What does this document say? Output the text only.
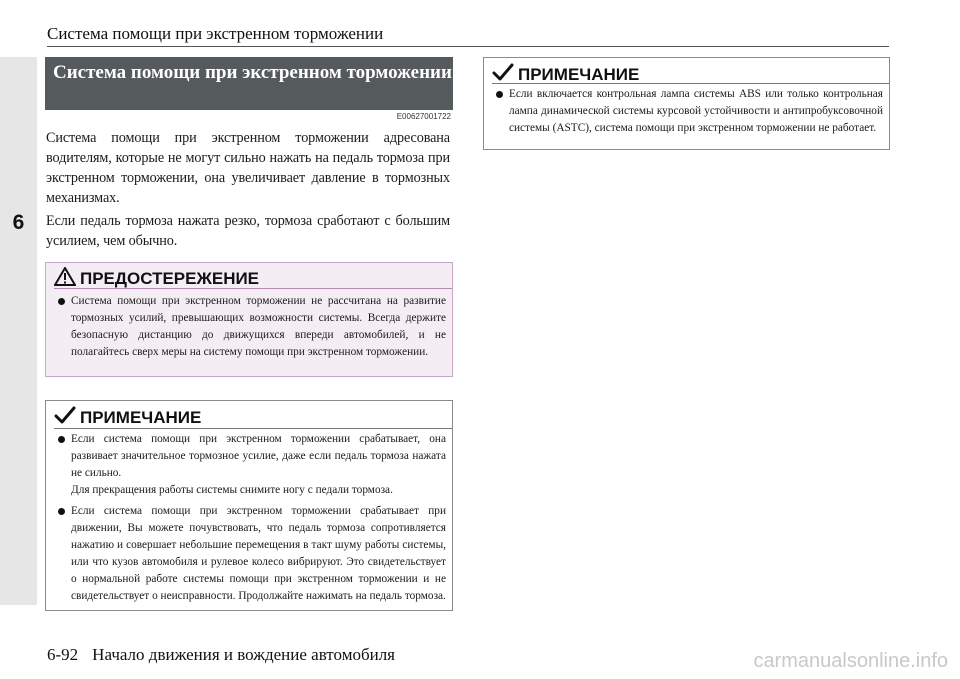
6
Система помощи при экстренном торможении
Система помощи при экстренном торможении
E00627001722

Система помощи при экстренном торможении адресована водителям, которые не могут сильно нажать на педаль тормоза при экстренном торможении, она увеличивает давление в тормозных механизмах.

Если педаль тормоза нажата резко, тормоза сработают с большим усилием, чем обычно.

ПРЕДОСТЕРЕЖЕНИЕ
Система помощи при экстренном торможении не рассчитана на развитие тормозных усилий, превышающих возможности системы. Всегда держите безопасную дистанцию до движущихся впереди автомобилей, и не полагайтесь сверх меры на систему помощи при экстренном торможении.
ПРИМЕЧАНИЕ
Если система помощи при экстренном торможении срабатывает, она развивает значительное тормозное усилие, даже если педаль тормоза нажата не сильно.
Для прекращения работы системы снимите ногу с педали тормоза.
Если система помощи при экстренном торможении срабатывает при движении, Вы можете почувствовать, что педаль тормоза сопротивляется нажатию и совершает небольшие перемещения в такт шуму работы системы, или что кузов автомобиля и рулевое колесо вибрируют. Это свидетельствует о нормальной работе системы помощи при экстренном торможении и не свидетельствует о неисправности. Продолжайте нажимать на педаль тормоза.
ПРИМЕЧАНИЕ
Если включается контрольная лампа системы ABS или только контрольная лампа динамической системы курсовой устойчивости и антипробуксовочной системы (ASTC), система помощи при экстренном торможении не работает.
6-92 Начало движения и вождение автомобиля	carmanualsonline.info
